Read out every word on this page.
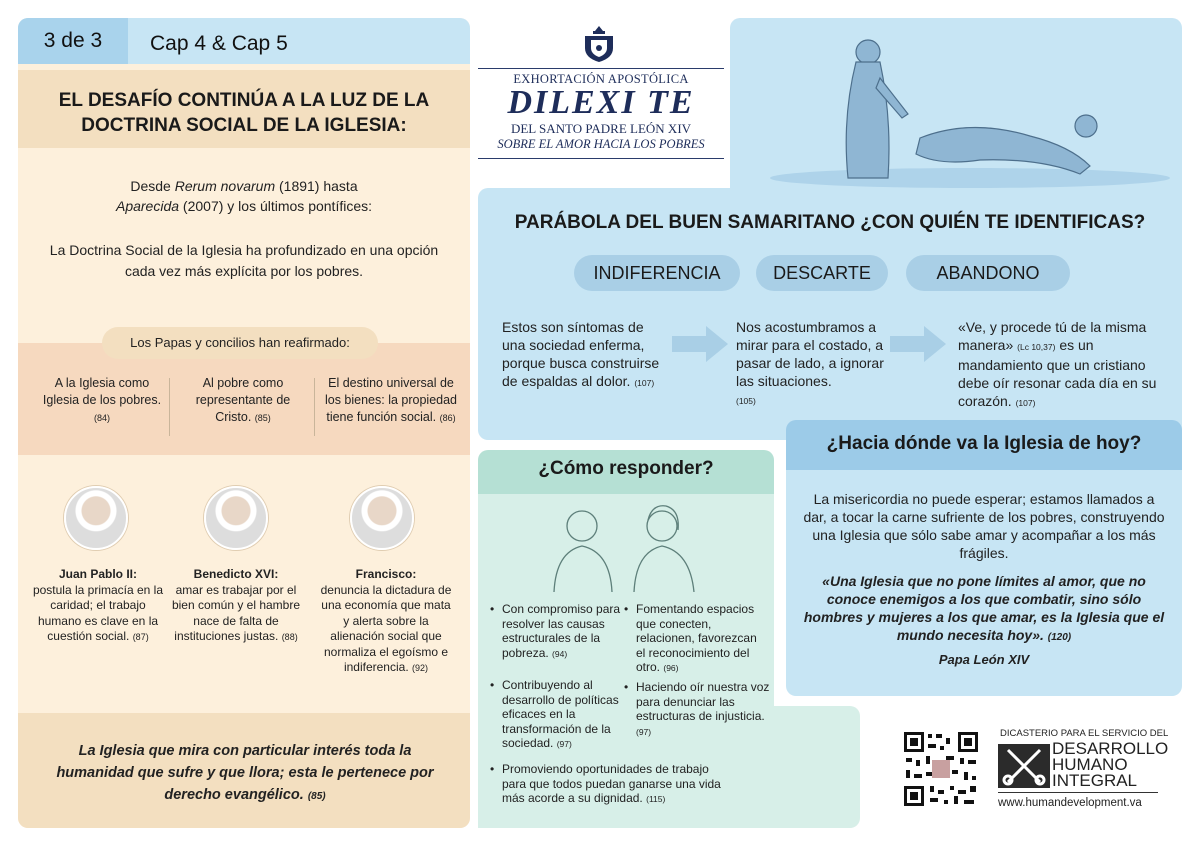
3 de 3	Cap 4 & Cap 5
EL DESAFÍO CONTINÚA A LA LUZ DE LA DOCTRINA SOCIAL DE LA IGLESIA:
Desde Rerum novarum (1891) hasta
Aparecida (2007) y los últimos pontífices:
La Doctrina Social de la Iglesia ha profundizado en una opción cada vez más explícita por los pobres.
Los Papas y concilios han reafirmado:
A la Iglesia como Iglesia de los pobres.
(84)
Al pobre como representante de Cristo. (85)
El destino universal de los bienes: la propiedad tiene función social. (86)
Juan Pablo II:
postula la primacía en la caridad; el trabajo humano es clave en la cuestión social. (87)
Benedicto XVI:
amar es trabajar por el bien común y el hambre nace de falta de instituciones justas. (88)
Francisco:
denuncia la dictadura de una economía que mata y alerta sobre la alienación social que normaliza el egoísmo e indiferencia. (92)
La Iglesia que mira con particular interés toda la humanidad que sufre y que llora; esta le pertenece por derecho evangélico. (85)
EXHORTACIÓN APOSTÓLICA
DILEXI TE
DEL SANTO PADRE LEÓN XIV
SOBRE EL AMOR HACIA LOS POBRES
PARÁBOLA DEL BUEN SAMARITANO ¿CON QUIÉN TE IDENTIFICAS?
INDIFERENCIA	DESCARTE	ABANDONO
Estos son síntomas de una sociedad enferma, porque busca construirse de espaldas al dolor. (107)
Nos acostumbramos a mirar para el costado, a pasar de lado, a ignorar las situaciones.
(105)
«Ve, y procede tú de la misma manera» (Lc 10,37) es un mandamiento que un cristiano debe oír resonar cada día en su corazón. (107)
¿Cómo responder?
• Con compromiso para resolver las causas estructurales de la pobreza. (94)
• Fomentando espacios que conecten, relacionen, favorezcan el reconocimiento del otro. (96)
• Contribuyendo al desarrollo de políticas eficaces en la transformación de la sociedad. (97)
• Haciendo oír nuestra voz para denunciar las estructuras de injusticia. (97)
• Promoviendo oportunidades de trabajo para que todos puedan ganarse una vida más acorde a su dignidad. (115)
¿Hacia dónde va la Iglesia de hoy?
La misericordia no puede esperar; estamos llamados a dar, a tocar la carne sufriente de los pobres, construyendo una Iglesia que sólo sabe amar y acompañar a los más frágiles.
«Una Iglesia que no pone límites al amor, que no conoce enemigos a los que combatir, sino sólo hombres y mujeres a los que amar, es la Iglesia que el mundo necesita hoy». (120)
Papa León XIV
DICASTERIO PARA EL SERVICIO DEL
DESARROLLO
HUMANO
INTEGRAL
www.humandevelopment.va
